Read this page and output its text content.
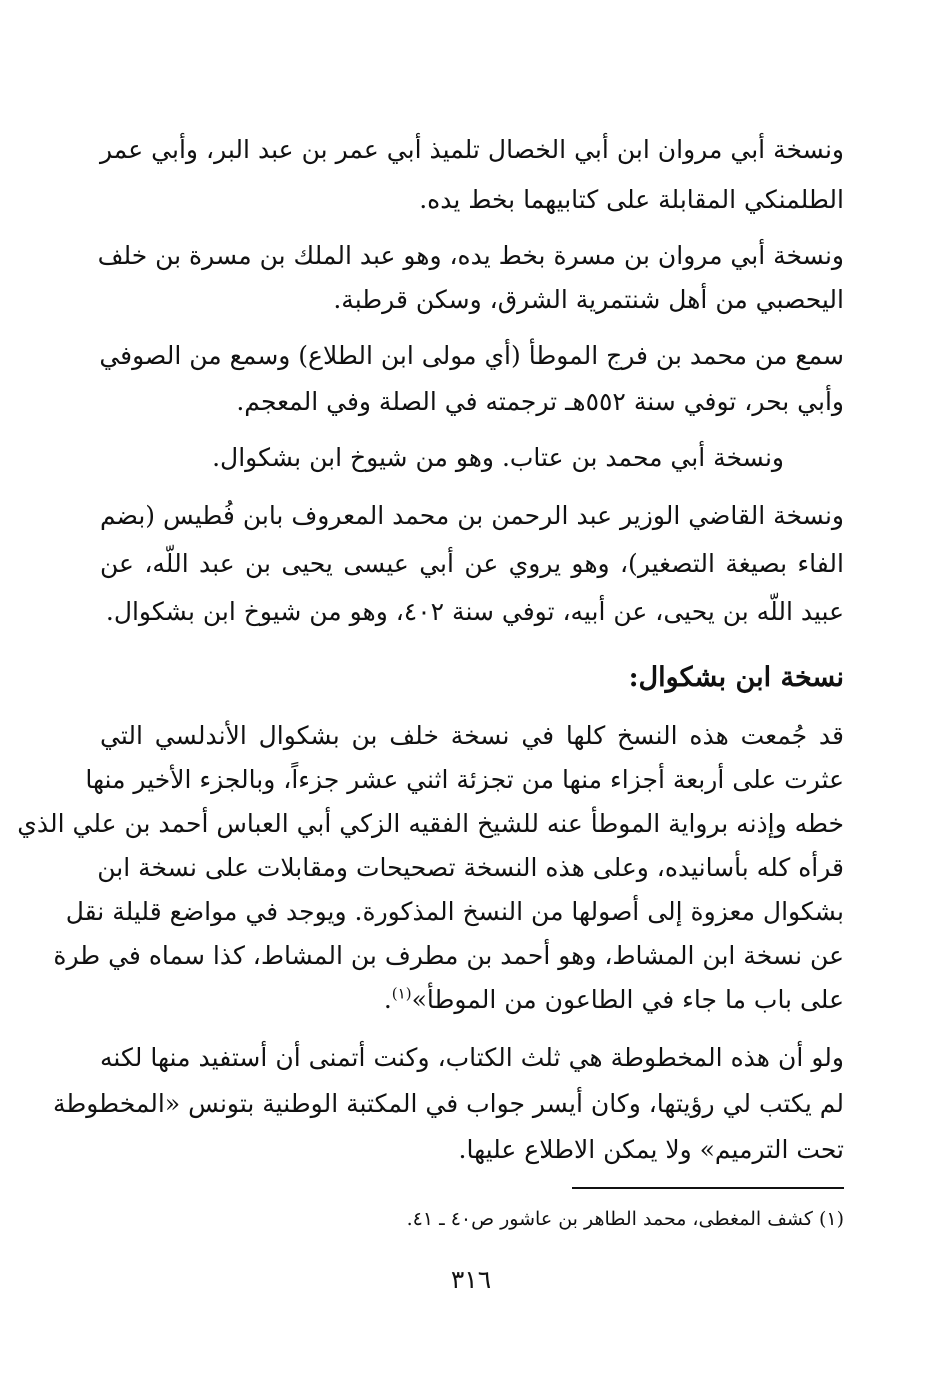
ونسخة أبي مروان ابن أبي الخصال تلميذ أبي عمر بن عبد البر، وأبي عمر
الطلمنكي المقابلة على كتابيهما بخط يده.
ونسخة أبي مروان بن مسرة بخط يده، وهو عبد الملك بن مسرة بن خلف
اليحصبي من أهل شنتمرية الشرق، وسكن قرطبة.
سمع من محمد بن فرج الموطأ (أي مولى ابن الطلاع) وسمع من الصوفي
وأبي بحر، توفي سنة ٥٥٢هـ ترجمته في الصلة وفي المعجم.
ونسخة أبي محمد بن عتاب. وهو من شيوخ ابن بشكوال.
ونسخة القاضي الوزير عبد الرحمن بن محمد المعروف بابن فُطيس (بضم
الفاء بصيغة التصغير)، وهو يروي عن أبي عيسى يحيى بن عبد اللّه، عن
عبيد اللّه بن يحيى، عن أبيه، توفي سنة ٤٠٢، وهو من شيوخ ابن بشكوال.
نسخة ابن بشكوال:
قد جُمعت هذه النسخ كلها في نسخة خلف بن بشكوال الأندلسي التي
عثرت على أربعة أجزاء منها من تجزئة اثني عشر جزءاً، وبالجزء الأخير منها
خطه وإذنه برواية الموطأ عنه للشيخ الفقيه الزكي أبي العباس أحمد بن علي الذي
قرأه كله بأسانيده، وعلى هذه النسخة تصحيحات ومقابلات على نسخة ابن
بشكوال معزوة إلى أصولها من النسخ المذكورة. ويوجد في مواضع قليلة نقل
عن نسخة ابن المشاط، وهو أحمد بن مطرف بن المشاط، كذا سماه في طرة
على باب ما جاء في الطاعون من الموطأ»$^{(١)}$.
ولو أن هذه المخطوطة هي ثلث الكتاب، وكنت أتمنى أن أستفيد منها لكنه
لم يكتب لي رؤيتها، وكان أيسر جواب في المكتبة الوطنية بتونس «المخطوطة
تحت الترميم» ولا يمكن الاطلاع عليها.
(١) كشف المغطى، محمد الطاهر بن عاشور ص٤٠ ـ ٤١.
٣١٦
